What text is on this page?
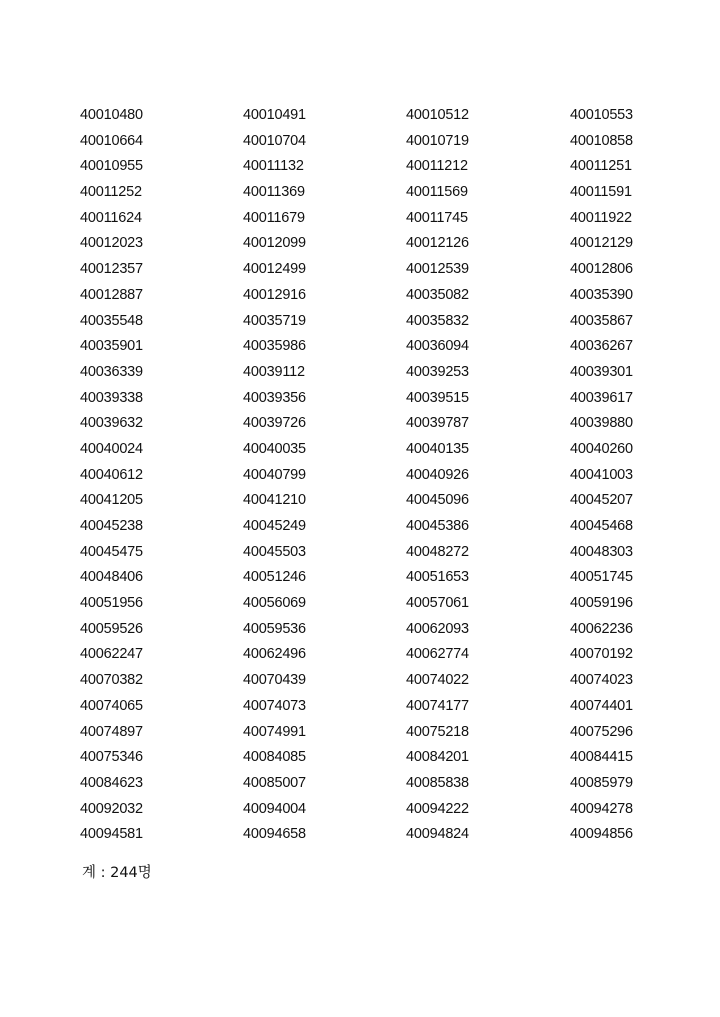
40010480	40010491	40010512	40010553
40010664	40010704	40010719	40010858
40010955	40011132	40011212	40011251
40011252	40011369	40011569	40011591
40011624	40011679	40011745	40011922
40012023	40012099	40012126	40012129
40012357	40012499	40012539	40012806
40012887	40012916	40035082	40035390
40035548	40035719	40035832	40035867
40035901	40035986	40036094	40036267
40036339	40039112	40039253	40039301
40039338	40039356	40039515	40039617
40039632	40039726	40039787	40039880
40040024	40040035	40040135	40040260
40040612	40040799	40040926	40041003
40041205	40041210	40045096	40045207
40045238	40045249	40045386	40045468
40045475	40045503	40048272	40048303
40048406	40051246	40051653	40051745
40051956	40056069	40057061	40059196
40059526	40059536	40062093	40062236
40062247	40062496	40062774	40070192
40070382	40070439	40074022	40074023
40074065	40074073	40074177	40074401
40074897	40074991	40075218	40075296
40075346	40084085	40084201	40084415
40084623	40085007	40085838	40085979
40092032	40094004	40094222	40094278
40094581	40094658	40094824	40094856
계 : 244명
